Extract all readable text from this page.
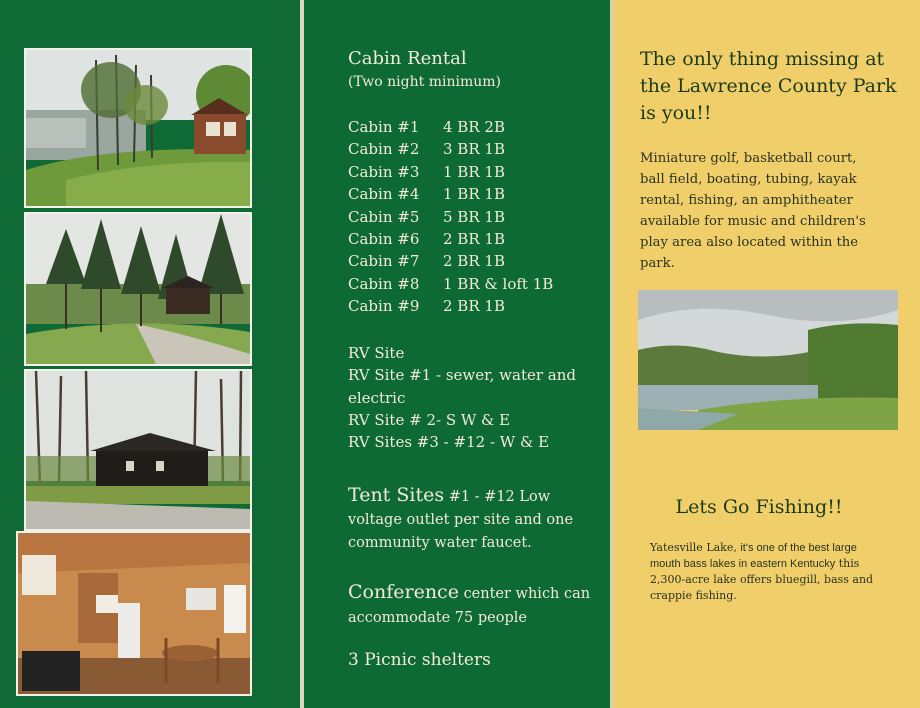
Cabin Rental
(Two night minimum)
Cabin #1 4 BR 2B
Cabin #2 3 BR 1B
Cabin #3 1 BR 1B
Cabin #4 1 BR 1B
Cabin #5 5 BR 1B
Cabin #6 2 BR 1B
Cabin #7 2 BR 1B
Cabin #8 1 BR & loft 1B
Cabin #9 2 BR 1B
RV Site
RV Site #1 - sewer, water and electric
RV Site # 2- S W & E
RV Sites #3 - #12 - W & E
Tent Sites #1 - #12 Low voltage outlet per site and one community water faucet.
Conference center which can accommodate 75 people
3 Picnic shelters
The only thing missing at the Lawrence County Park is you!!
Miniature golf, basketball court, ball field, boating, tubing, kayak rental, fishing, an amphitheater available for music and children's play area also located within the park.
Lets Go Fishing!!
Yatesville Lake, it's one of the best large mouth bass lakes in eastern Kentucky this 2,300-acre lake offers bluegill, bass and crappie fishing.
